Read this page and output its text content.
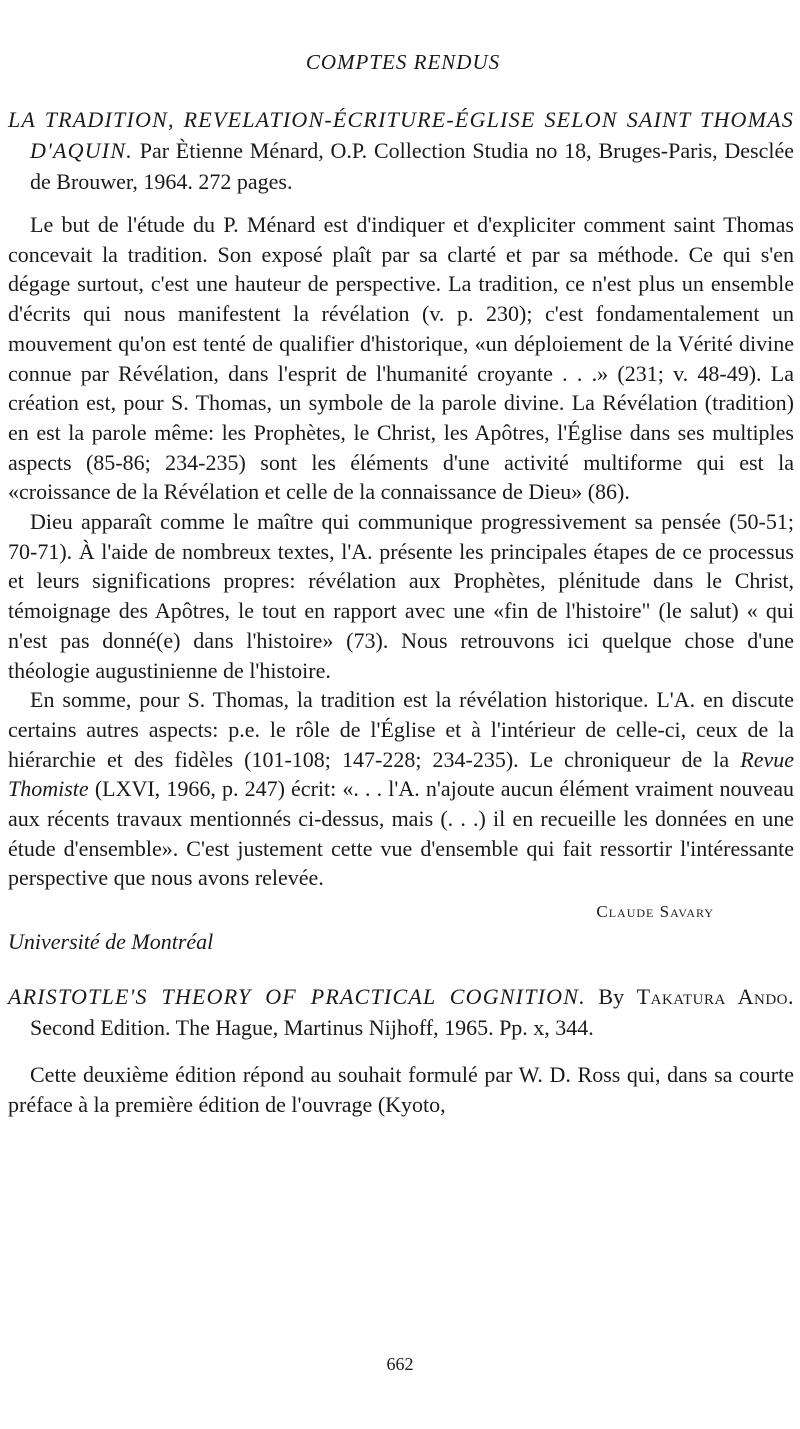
COMPTES RENDUS
LA TRADITION, REVELATION-ÉCRITURE-ÉGLISE SELON SAINT THOMAS D'AQUIN. Par Ètienne Ménard, O.P. Collection Studia no 18, Bruges-Paris, Desclée de Brouwer, 1964. 272 pages.

Le but de l'étude du P. Ménard est d'indiquer et d'expliciter comment saint Thomas concevait la tradition. Son exposé plaît par sa clarté et par sa méthode. Ce qui s'en dégage surtout, c'est une hauteur de perspective. La tradition, ce n'est plus un ensemble d'écrits qui nous manifestent la révélation (v. p. 230); c'est fondamentalement un mouvement qu'on est tenté de qualifier d'historique, «un déploiement de la Vérité divine connue par Révélation, dans l'esprit de l'humanité croyante . . .» (231; v. 48-49). La création est, pour S. Thomas, un symbole de la parole divine. La Révélation (tradition) en est la parole même: les Prophètes, le Christ, les Apôtres, l'Église dans ses multiples aspects (85-86; 234-235) sont les éléments d'une activité multiforme qui est la «croissance de la Révélation et celle de la connaissance de Dieu» (86).

Dieu apparaît comme le maître qui communique progressivement sa pensée (50-51; 70-71). À l'aide de nombreux textes, l'A. présente les principales étapes de ce processus et leurs significations propres: révélation aux Prophètes, plénitude dans le Christ, témoignage des Apôtres, le tout en rapport avec une «fin de l'histoire" (le salut) « qui n'est pas donné(e) dans l'histoire» (73). Nous retrouvons ici quelque chose d'une théologie augustinienne de l'histoire.

En somme, pour S. Thomas, la tradition est la révélation historique. L'A. en discute certains autres aspects: p.e. le rôle de l'Église et à l'intérieur de celle-ci, ceux de la hiérarchie et des fidèles (101-108; 147-228; 234-235). Le chroniqueur de la Revue Thomiste (LXVI, 1966, p. 247) écrit: «. . . l'A. n'ajoute aucun élément vraiment nouveau aux récents travaux mentionnés ci-dessus, mais (. . .) il en recueille les données en une étude d'ensemble». C'est justement cette vue d'ensemble qui fait ressortir l'intéressante perspective que nous avons relevée.

Claude Savary
Université de Montréal
ARISTOTLE'S THEORY OF PRACTICAL COGNITION. By Takatura Ando. Second Edition. The Hague, Martinus Nijhoff, 1965. Pp. x, 344.

Cette deuxième édition répond au souhait formulé par W. D. Ross qui, dans sa courte préface à la première édition de l'ouvrage (Kyoto,

662
